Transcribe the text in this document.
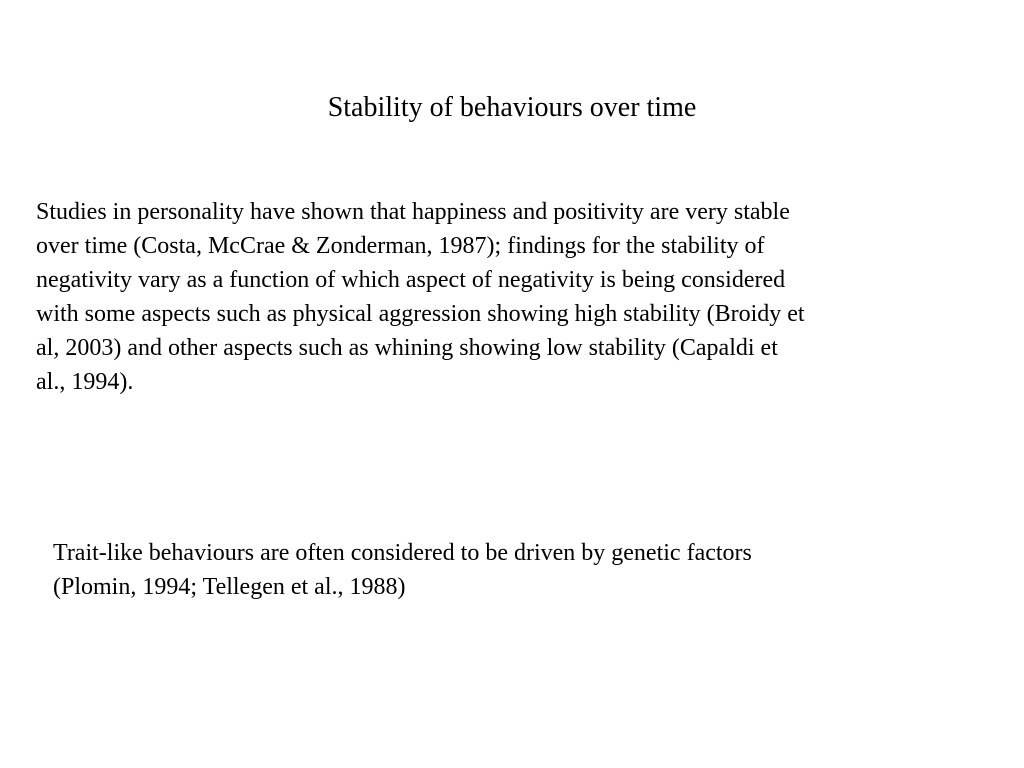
Stability of behaviours over time

Studies in personality have shown that happiness and positivity are very stable
over time (Costa, McCrae & Zonderman, 1987); findings for the stability of
negativity vary as a function of which aspect of negativity is being considered
with some aspects such as physical aggression showing high stability (Broidy et
al, 2003) and other aspects such as whining showing low stability (Capaldi et
al., 1994).

Trait-like behaviours are often considered to be driven by genetic factors
(Plomin, 1994; Tellegen et al., 1988)
